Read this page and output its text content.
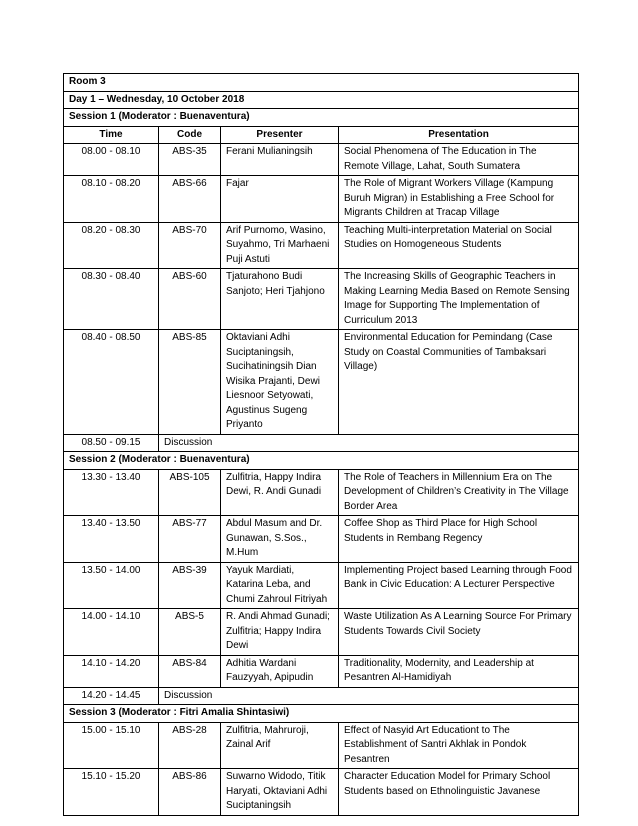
Room 3			
Day 1 – Wednesday, 10 October 2018			
Session 1 (Moderator : Buenaventura)			
Time	Code	Presenter	Presentation
08.00 - 08.10	ABS-35	Ferani Mulianingsih	Social Phenomena of The Education in The Remote Village, Lahat, South Sumatera
08.10 - 08.20	ABS-66	Fajar	The Role of Migrant Workers Village (Kampung Buruh Migran) in Establishing a Free School for Migrants Children at Tracap Village
08.20 - 08.30	ABS-70	Arif Purnomo, Wasino, Suyahmo, Tri Marhaeni Puji Astuti	Teaching Multi-interpretation Material on Social Studies on Homogeneous Students
08.30 - 08.40	ABS-60	Tjaturahono Budi Sanjoto; Heri Tjahjono	The Increasing Skills of Geographic Teachers in Making Learning Media Based on Remote Sensing Image for Supporting The Implementation of Curriculum 2013
08.40 - 08.50	ABS-85	Oktaviani Adhi Suciptaningsih, Sucihatiningsih Dian Wisika Prajanti, Dewi Liesnoor Setyowati, Agustinus Sugeng Priyanto	Environmental Education for Pemindang (Case Study on Coastal Communities of Tambaksari Village)
08.50 - 09.15	Discussion		
Session 2 (Moderator : Buenaventura)			
13.30 - 13.40	ABS-105	Zulfitria, Happy Indira Dewi, R. Andi Gunadi	The Role of Teachers in Millennium Era on The Development of Children’s Creativity in The Village Border Area
13.40 - 13.50	ABS-77	Abdul Masum and Dr. Gunawan, S.Sos., M.Hum	Coffee Shop as Third Place for High School Students in Rembang Regency
13.50 - 14.00	ABS-39	Yayuk Mardiati, Katarina Leba, and Chumi Zahroul Fitriyah	Implementing Project based Learning through Food Bank in Civic Education: A Lecturer Perspective
14.00 - 14.10	ABS-5	R. Andi Ahmad Gunadi; Zulfitria; Happy Indira Dewi	Waste Utilization As A Learning Source For Primary Students Towards Civil Society
14.10 - 14.20	ABS-84	Adhitia Wardani Fauzyyah, Apipudin	Traditionality, Modernity, and Leadership at Pesantren Al-Hamidiyah
14.20 - 14.45	Discussion		
Session 3 (Moderator : Fitri Amalia Shintasiwi)			
15.00 - 15.10	ABS-28	Zulfitria, Mahruroji, Zainal Arif	Effect of Nasyid Art Educationt to The Establishment of Santri Akhlak in Pondok Pesantren
15.10 - 15.20	ABS-86	Suwarno Widodo, Titik Haryati, Oktaviani Adhi Suciptaningsih	Character Education Model for Primary School Students based on Ethnolinguistic Javanese
